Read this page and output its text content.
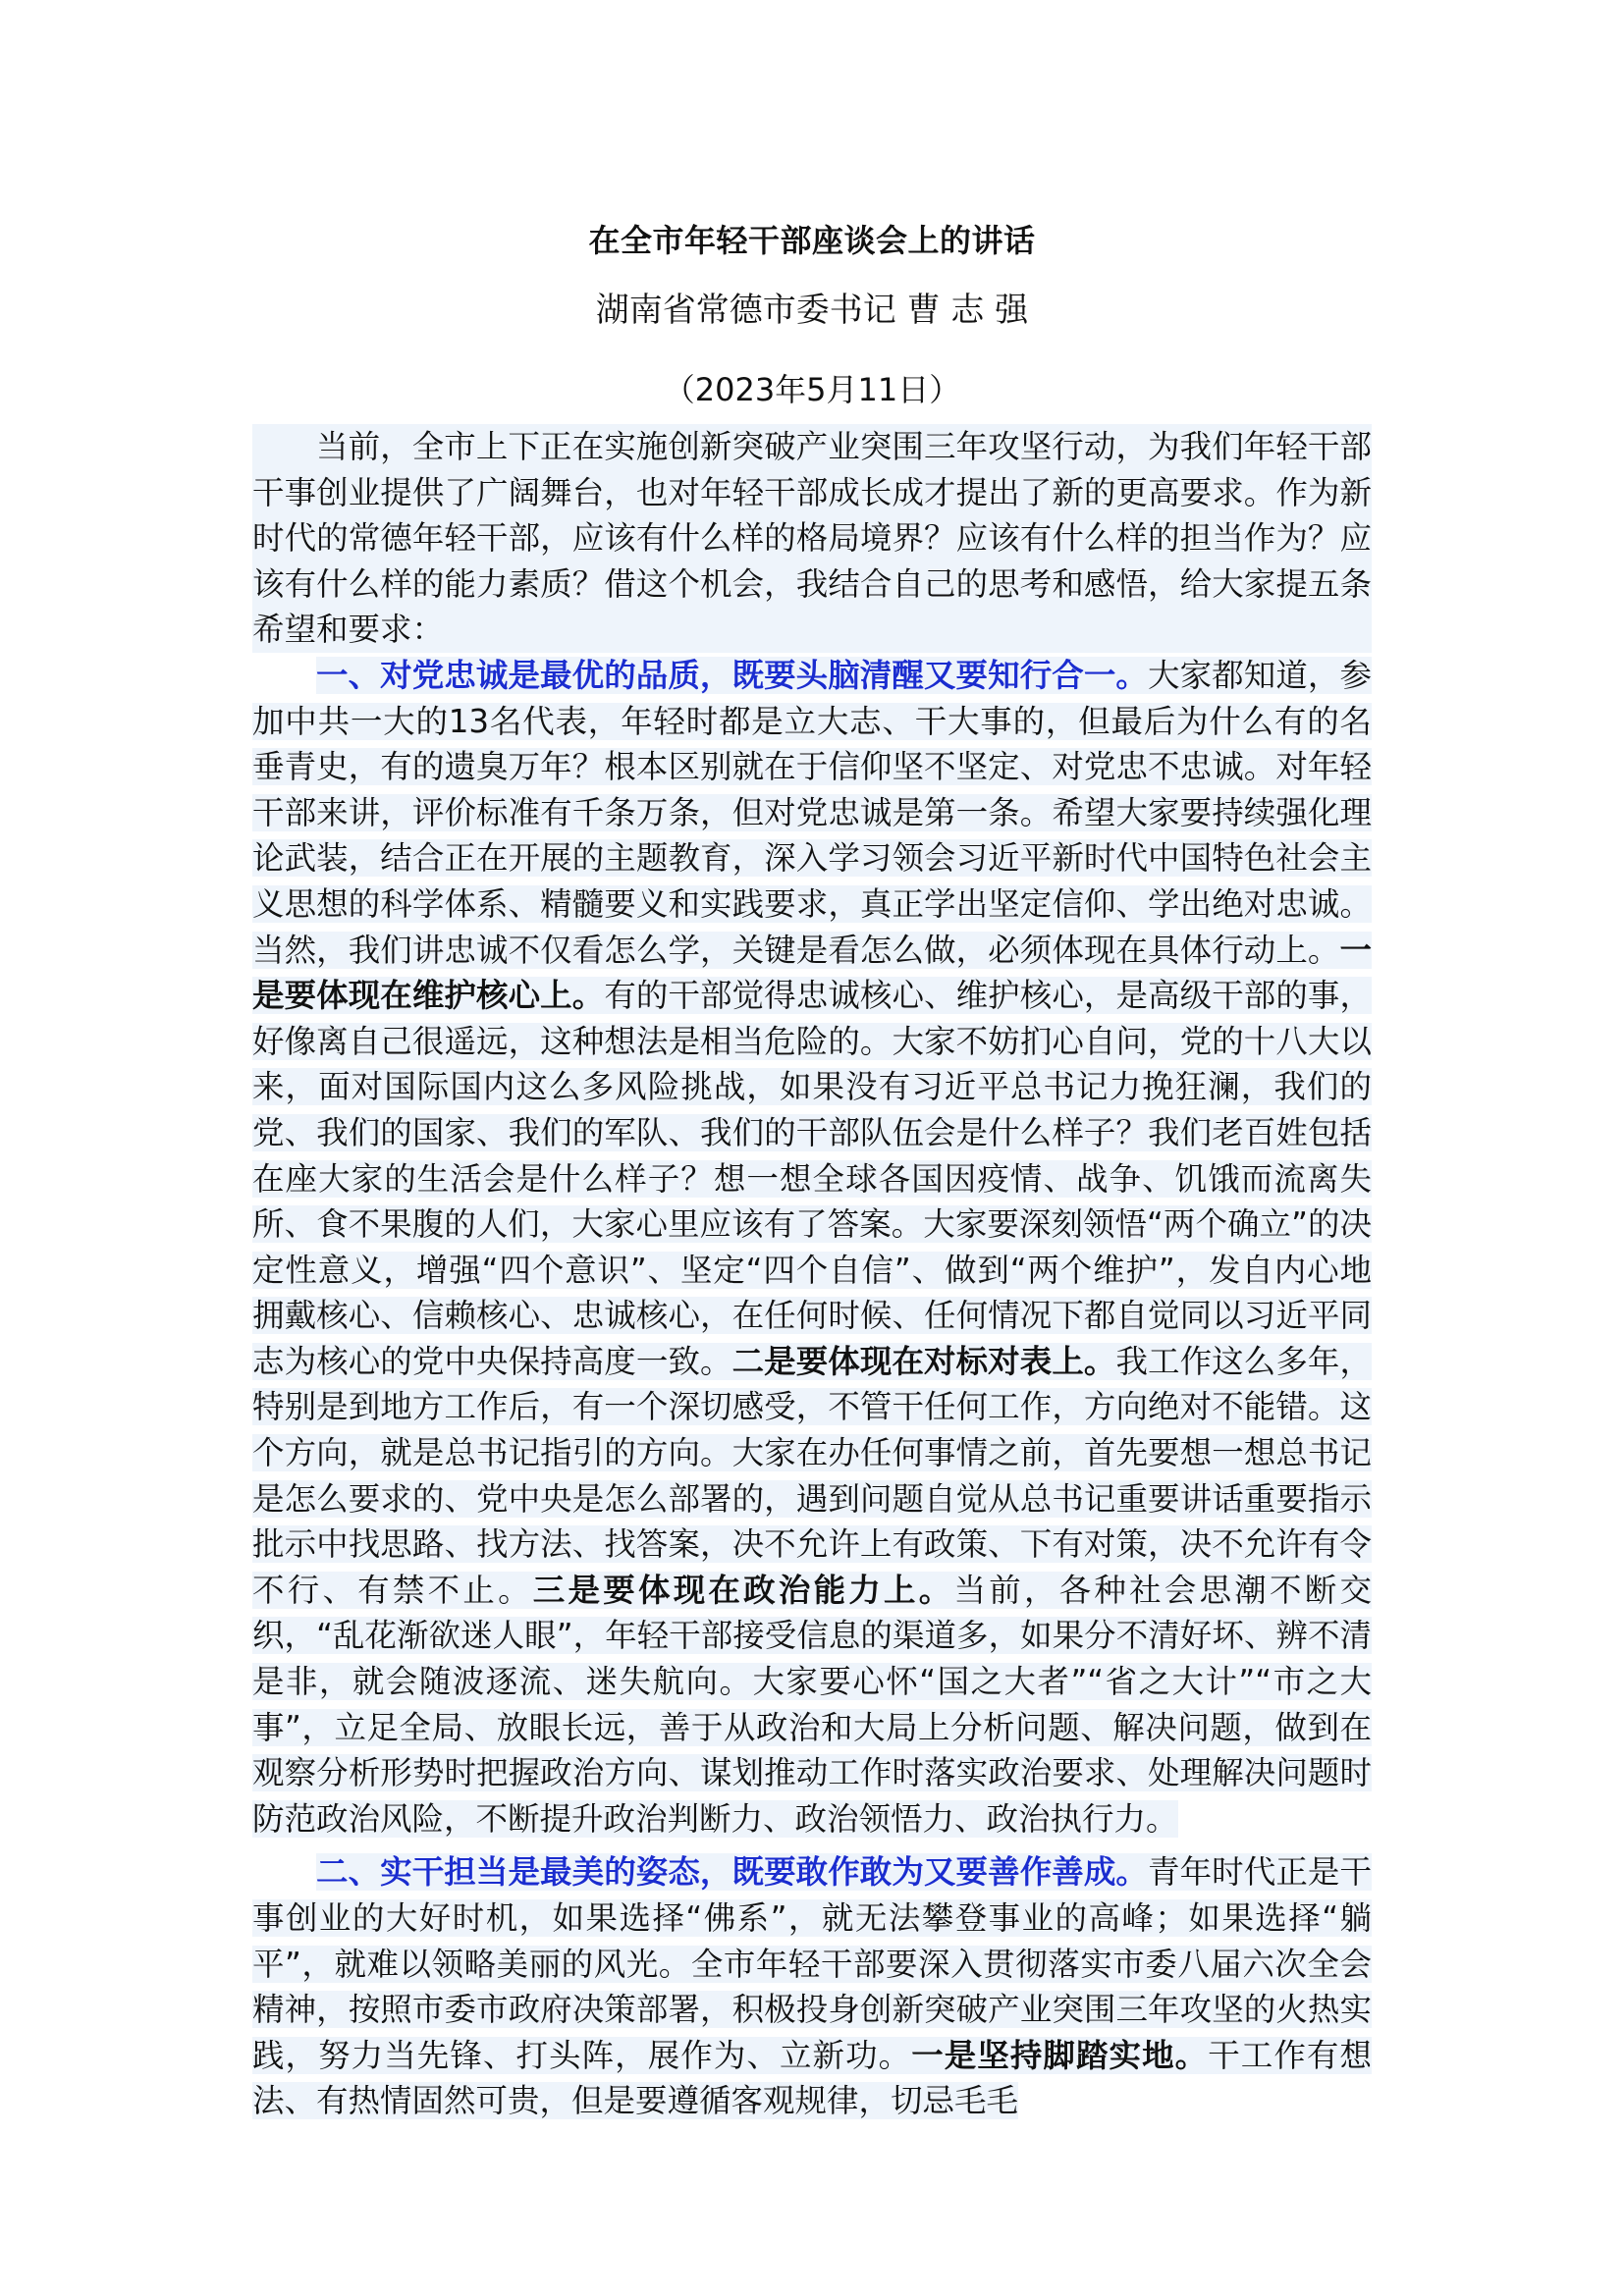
在全市年轻干部座谈会上的讲话
湖南省常德市委书记 曹 志 强
（2023年5月11日）

当前，全市上下正在实施创新突破产业突围三年攻坚行动，为我们年轻干部干事创业提供了广阔舞台，也对年轻干部成长成才提出了新的更高要求。作为新时代的常德年轻干部，应该有什么样的格局境界？应该有什么样的担当作为？应该有什么样的能力素质？借这个机会，我结合自己的思考和感悟，给大家提五条希望和要求：

一、对党忠诚是最优的品质，既要头脑清醒又要知行合一。大家都知道，参加中共一大的13名代表，年轻时都是立大志、干大事的，但最后为什么有的名垂青史，有的遗臭万年？根本区别就在于信仰坚不坚定、对党忠不忠诚。对年轻干部来讲，评价标准有千条万条，但对党忠诚是第一条。希望大家要持续强化理论武装，结合正在开展的主题教育，深入学习领会习近平新时代中国特色社会主义思想的科学体系、精髓要义和实践要求，真正学出坚定信仰、学出绝对忠诚。当然，我们讲忠诚不仅看怎么学，关键是看怎么做，必须体现在具体行动上。一是要体现在维护核心上。有的干部觉得忠诚核心、维护核心，是高级干部的事，好像离自己很遥远，这种想法是相当危险的。大家不妨扪心自问，党的十八大以来，面对国际国内这么多风险挑战，如果没有习近平总书记力挽狂澜，我们的党、我们的国家、我们的军队、我们的干部队伍会是什么样子？我们老百姓包括在座大家的生活会是什么样子？想一想全球各国因疫情、战争、饥饿而流离失所、食不果腹的人们，大家心里应该有了答案。大家要深刻领悟“两个确立”的决定性意义，增强“四个意识”、坚定“四个自信”、做到“两个维护”，发自内心地拥戴核心、信赖核心、忠诚核心，在任何时候、任何情况下都自觉同以习近平同志为核心的党中央保持高度一致。二是要体现在对标对表上。我工作这么多年，特别是到地方工作后，有一个深切感受，不管干任何工作，方向绝对不能错。这个方向，就是总书记指引的方向。大家在办任何事情之前，首先要想一想总书记是怎么要求的、党中央是怎么部署的，遇到问题自觉从总书记重要讲话重要指示批示中找思路、找方法、找答案，决不允许上有政策、下有对策，决不允许有令不行、有禁不止。三是要体现在政治能力上。当前，各种社会思潮不断交织，“乱花渐欲迷人眼”，年轻干部接受信息的渠道多，如果分不清好坏、辨不清是非，就会随波逐流、迷失航向。大家要心怀“国之大者”“省之大计”“市之大事”，立足全局、放眼长远，善于从政治和大局上分析问题、解决问题，做到在观察分析形势时把握政治方向、谋划推动工作时落实政治要求、处理解决问题时防范政治风险，不断提升政治判断力、政治领悟力、政治执行力。

二、实干担当是最美的姿态，既要敢作敢为又要善作善成。青年时代正是干事创业的大好时机，如果选择“佛系”，就无法攀登事业的高峰；如果选择“躺平”，就难以领略美丽的风光。全市年轻干部要深入贯彻落实市委八届六次全会精神，按照市委市政府决策部署，积极投身创新突破产业突围三年攻坚的火热实践，努力当先锋、打头阵，展作为、立新功。一是坚持脚踏实地。干工作有想法、有热情固然可贵，但是要遵循客观规律，切忌毛毛
